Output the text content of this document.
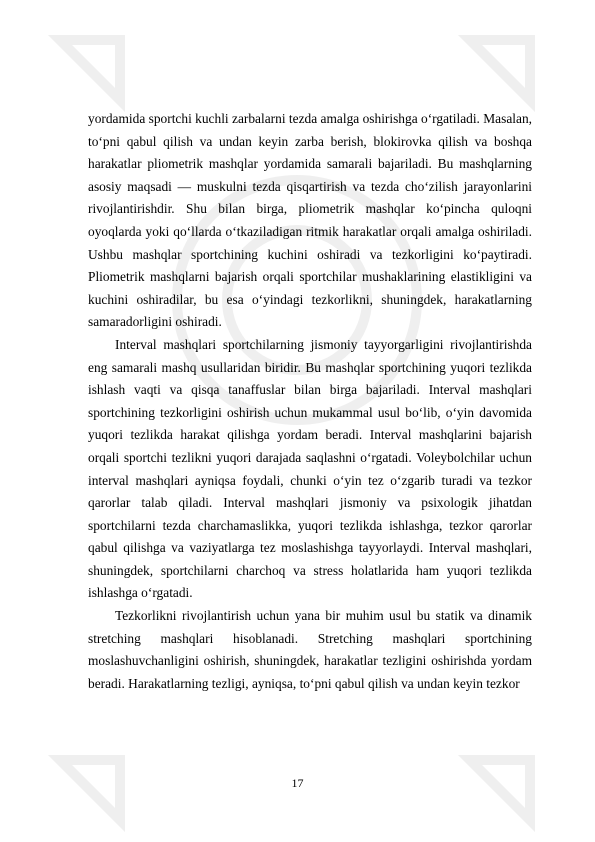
yordamida sportchi kuchli zarbalarni tezda amalga oshirishga o‘rgatiladi. Masalan, to‘pni qabul qilish va undan keyin zarba berish, blokirovka qilish va boshqa harakatlar pliometrik mashqlar yordamida samarali bajariladi. Bu mashqlarning asosiy maqsadi — muskulni tezda qisqartirish va tezda cho‘zilish jarayonlarini rivojlantirishdir. Shu bilan birga, pliometrik mashqlar ko‘pincha quloqni oyoqlarda yoki qo‘llarda o‘tkaziladigan ritmik harakatlar orqali amalga oshiriladi. Ushbu mashqlar sportchining kuchini oshiradi va tezkorligini ko‘paytiradi. Pliometrik mashqlarni bajarish orqali sportchilar mushaklarining elastikligini va kuchini oshiradilar, bu esa o‘yindagi tezkorlikni, shuningdek, harakatlarning samaradorligini oshiradi.

Interval mashqlari sportchilarning jismoniy tayyorgarligini rivojlantirishda eng samarali mashq usullaridan biridir. Bu mashqlar sportchining yuqori tezlikda ishlash vaqti va qisqa tanaffuslar bilan birga bajariladi. Interval mashqlari sportchining tezkorligini oshirish uchun mukammal usul bo‘lib, o‘yin davomida yuqori tezlikda harakat qilishga yordam beradi. Interval mashqlarini bajarish orqali sportchi tezlikni yuqori darajada saqlashni o‘rgatadi. Voleybolchilar uchun interval mashqlari ayniqsa foydali, chunki o‘yin tez o‘zgarib turadi va tezkor qarorlar talab qiladi. Interval mashqlari jismoniy va psixologik jihatdan sportchilarni tezda charchamaslikka, yuqori tezlikda ishlashga, tezkor qarorlar qabul qilishga va vaziyatlarga tez moslashishga tayyorlaydi. Interval mashqlari, shuningdek, sportchilarni charchoq va stress holatlarida ham yuqori tezlikda ishlashga o‘rgatadi.

Tezkorlikni rivojlantirish uchun yana bir muhim usul bu statik va dinamik stretching mashqlari hisoblanadi. Stretching mashqlari sportchining moslashuvchanligini oshirish, shuningdek, harakatlar tezligini oshirishda yordam beradi. Harakatlarning tezligi, ayniqsa, to‘pni qabul qilish va undan keyin tezkor

17
